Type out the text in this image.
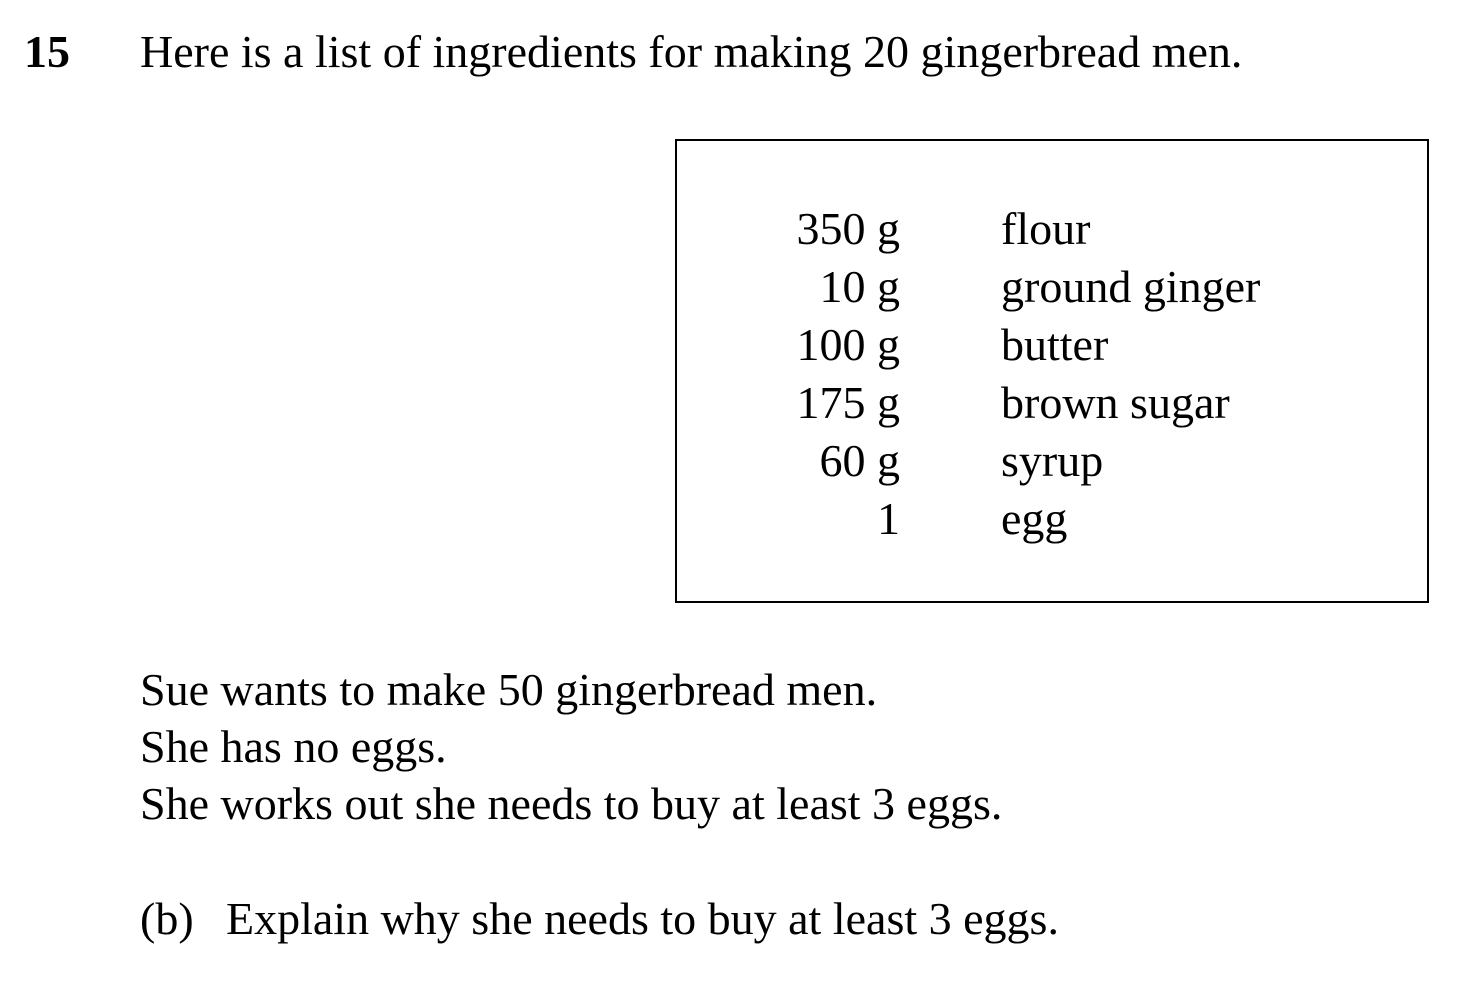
15 Here is a list of ingredients for making 20 gingerbread men.
350 g flour
10 g ground ginger
100 g butter
175 g brown sugar
60 g syrup
1 egg
Sue wants to make 50 gingerbread men.
She has no eggs.
She works out she needs to buy at least 3 eggs.
(b) Explain why she needs to buy at least 3 eggs.
